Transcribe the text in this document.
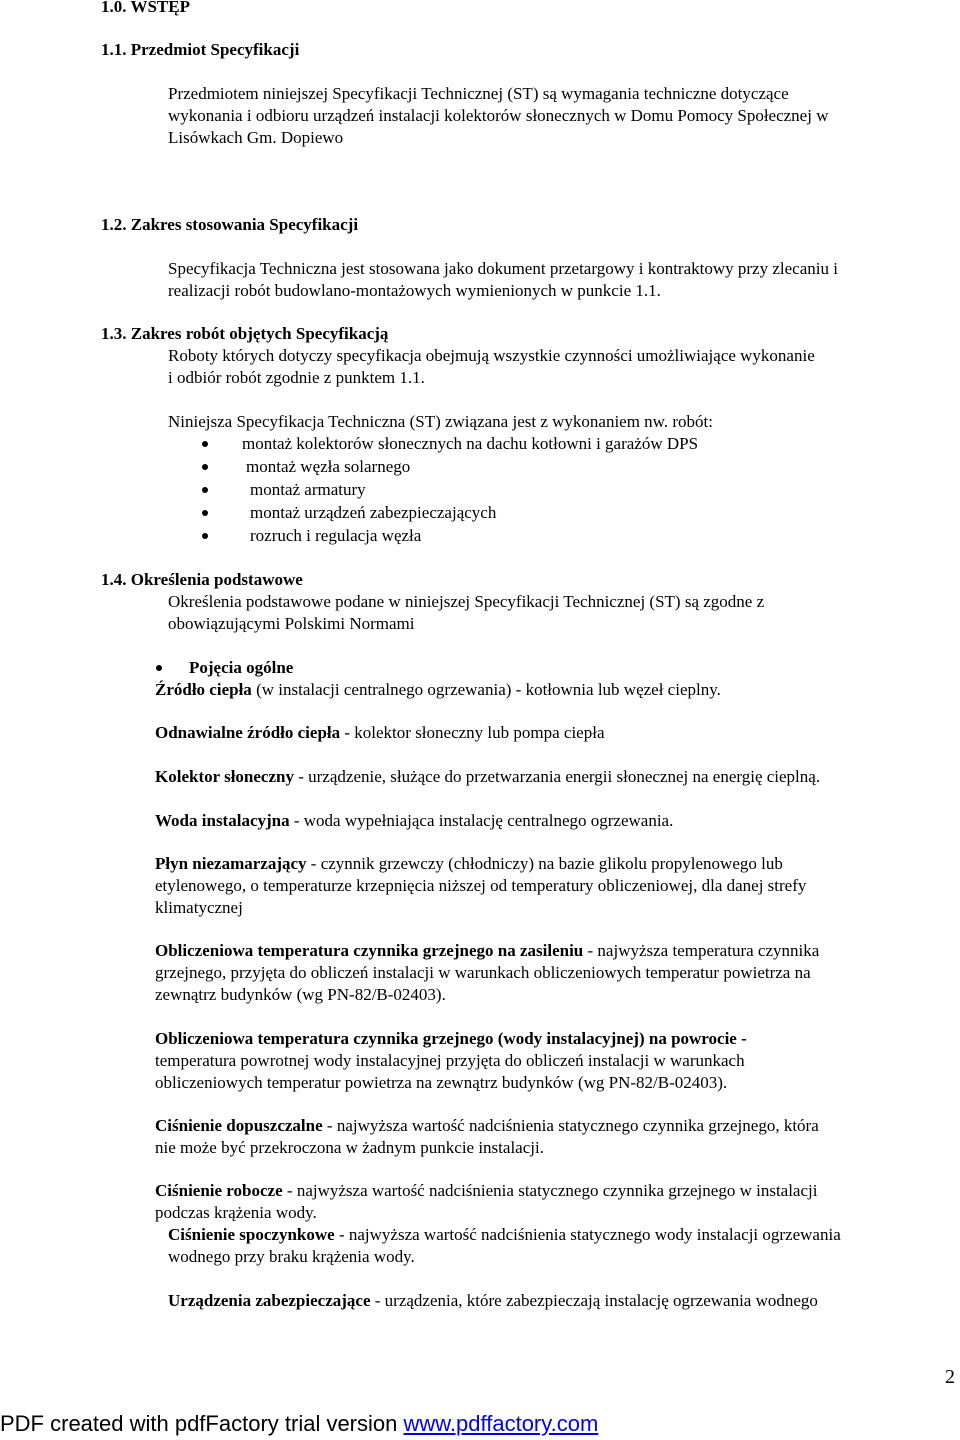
1.0. WSTĘP
1.1. Przedmiot Specyfikacji
Przedmiotem niniejszej Specyfikacji Technicznej (ST) są wymagania techniczne dotyczące
wykonania i odbioru urządzeń instalacji kolektorów słonecznych w Domu Pomocy Społecznej w
Lisówkach Gm. Dopiewo
1.2. Zakres stosowania Specyfikacji
Specyfikacja Techniczna jest stosowana jako dokument przetargowy i kontraktowy przy zlecaniu i
realizacji robót budowlano-montażowych wymienionych w punkcie 1.1.
1.3. Zakres robót objętych Specyfikacją
Roboty których dotyczy specyfikacja obejmują wszystkie czynności umożliwiające wykonanie
i odbiór robót zgodnie z punktem 1.1.
Niniejsza Specyfikacja Techniczna (ST) związana jest z wykonaniem nw. robót:
montaż kolektorów słonecznych na dachu kotłowni i garażów DPS
montaż węzła solarnego
montaż armatury
montaż urządzeń zabezpieczających
rozruch i regulacja węzła
1.4. Określenia podstawowe
Określenia podstawowe podane w niniejszej Specyfikacji Technicznej (ST) są zgodne z
obowiązującymi Polskimi Normami
Pojęcia ogólne
Źródło ciepła (w instalacji centralnego ogrzewania) - kotłownia lub węzeł cieplny.
Odnawialne źródło ciepła - kolektor słoneczny lub pompa ciepła
Kolektor słoneczny - urządzenie, służące do przetwarzania energii słonecznej na energię cieplną.
Woda instalacyjna - woda wypełniająca instalację centralnego ogrzewania.
Płyn niezamarzający - czynnik grzewczy (chłodniczy) na bazie glikolu propylenowego lub
etylenowego, o temperaturze krzepnięcia niższej od temperatury obliczeniowej, dla danej strefy
klimatycznej
Obliczeniowa temperatura czynnika grzejnego na zasileniu - najwyższa temperatura czynnika
grzejnego, przyjęta do obliczeń instalacji w warunkach obliczeniowych temperatur powietrza na
zewnątrz budynków (wg PN-82/B-02403).
Obliczeniowa temperatura czynnika grzejnego (wody instalacyjnej) na powrocie -
temperatura powrotnej wody instalacyjnej przyjęta do obliczeń instalacji w warunkach
obliczeniowych temperatur powietrza na zewnątrz budynków (wg PN-82/B-02403).
Ciśnienie dopuszczalne - najwyższa wartość nadciśnienia statycznego czynnika grzejnego, która
nie może być przekroczona w żadnym punkcie instalacji.
Ciśnienie robocze - najwyższa wartość nadciśnienia statycznego czynnika grzejnego w instalacji
podczas krążenia wody.
Ciśnienie spoczynkowe - najwyższa wartość nadciśnienia statycznego wody instalacji ogrzewania
wodnego przy braku krążenia wody.
Urządzenia zabezpieczające - urządzenia, które zabezpieczają instalację ogrzewania wodnego
2
PDF created with pdfFactory trial version www.pdffactory.com
